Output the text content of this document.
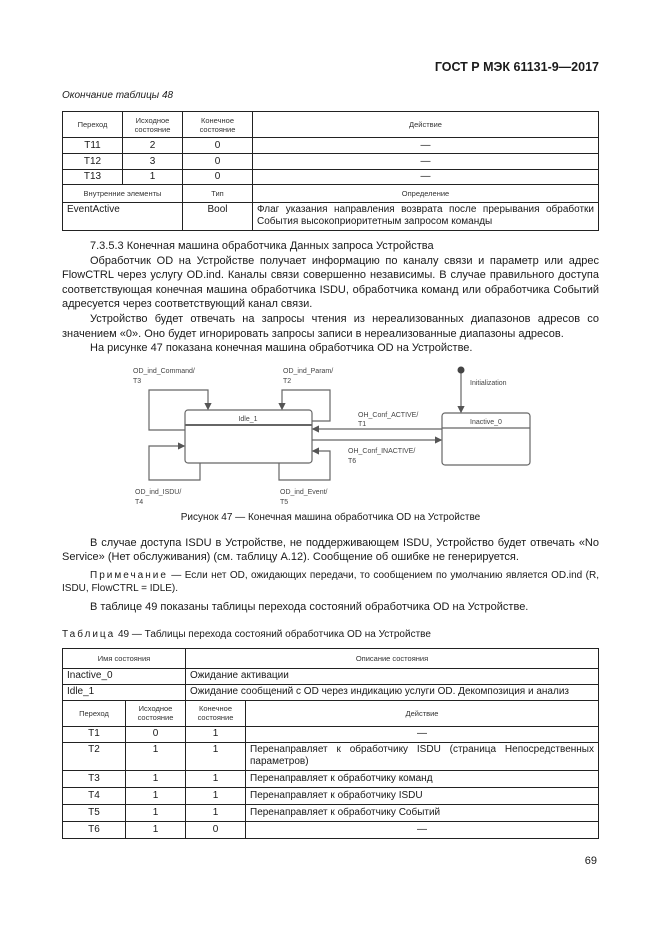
ГОСТ Р МЭК 61131-9—2017
Окончание таблицы 48
Переход	Исходное состояние	Конечное состояние	Действие
T11	2	0	—
T12	3	0	—
T13	1	0	—
Внутренние элементы		Тип	Определение
EventActive		Bool	Флаг указания направления возврата после прерывания обработки События высокоприоритетным запросом команды

7.3.5.3 Конечная машина обработчика Данных запроса Устройства

Обработчик OD на Устройстве получает информацию по каналу связи и параметр или адрес FlowCTRL через услугу OD.ind. Каналы связи совершенно независимы. В случае правильного доступа соответствующая конечная машина обработчика ISDU, обработчика команд или обработчика Событий адресуется через соответствующий канал связи.

Устройство будет отвечать на запросы чтения из нереализованных диапазонов адресов со значением «0». Оно будет игнорировать запросы записи в нереализованные диапазоны адресов.

На рисунке 47 показана конечная машина обработчика OD на Устройстве.

Idle_1	Inactive_0
Initialization
OD_ind_Command/
T3
OD_ind_Param/
T2
OH_Conf_ACTIVE/
T1
OH_Conf_INACTIVE/
T6
OD_ind_ISDU/
T4
OD_ind_Event/
T5
Рисунок 47 — Конечная машина обработчика OD на Устройстве

В случае доступа ISDU в Устройстве, не поддерживающем ISDU, Устройство будет отвечать «No Service» (Нет обслуживания) (см. таблицу A.12). Сообщение об ошибке не генерируется.

Примечание — Если нет OD, ожидающих передачи, то сообщением по умолчанию является OD.ind (R, ISDU, FlowCTRL = IDLE).

В таблице 49 показаны таблицы перехода состояний обработчика OD на Устройстве.

Таблица 49 — Таблицы перехода состояний обработчика OD на Устройстве
Имя состояния		Описание состояния	
Inactive_0		Ожидание активации	
Idle_1		Ожидание сообщений с OD через индикацию услуги OD. Декомпозиция и анализ	
Переход	Исходное состояние	Конечное состояние	Действие
T1	0	1	—
T2	1	1	Перенаправляет к обработчику ISDU (страница Непосредственных параметров)
T3	1	1	Перенаправляет к обработчику команд
T4	1	1	Перенаправляет к обработчику ISDU
T5	1	1	Перенаправляет к обработчику Событий
T6	1	0	—
69
